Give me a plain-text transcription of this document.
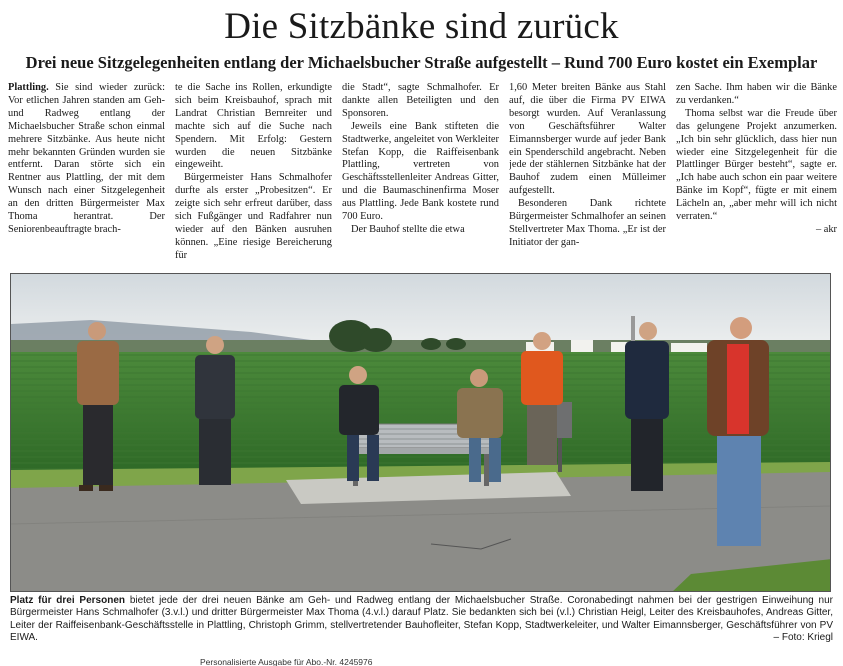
Die Sitzbänke sind zurück
Drei neue Sitzgelegenheiten entlang der Michaelsbucher Straße aufgestellt – Rund 700 Euro kostet ein Exemplar

Plattling. Sie sind wieder zurück: Vor etlichen Jahren standen am Geh- und Radweg entlang der Michaelsbucher Straße schon einmal mehrere Sitzbänke. Aus heute nicht mehr bekannten Gründen wurden sie entfernt. Daran störte sich ein Rentner aus Plattling, der mit dem Wunsch nach einer Sitzgelegenheit an den dritten Bürgermeister Max Thoma herantrat. Der Seniorenbeauftragte brach-

te die Sache ins Rollen, erkundigte sich beim Kreisbauhof, sprach mit Landrat Christian Bernreiter und machte sich auf die Suche nach Spendern. Mit Erfolg: Gestern wurden die neuen Sitzbänke eingeweiht.

Bürgermeister Hans Schmalhofer durfte als erster „Probesitzen“. Er zeigte sich sehr erfreut darüber, dass sich Fußgänger und Radfahrer nun wieder auf den Bänken ausruhen können. „Eine riesige Bereicherung für

die Stadt“, sagte Schmalhofer. Er dankte allen Beteiligten und den Sponsoren.

Jeweils eine Bank stifteten die Stadtwerke, angeleitet von Werkleiter Stefan Kopp, die Raiffeisenbank Plattling, vertreten von Geschäftsstellenleiter Andreas Gitter, und die Baumaschinenfirma Moser aus Plattling. Jede Bank kostete rund 700 Euro.

Der Bauhof stellte die etwa

1,60 Meter breiten Bänke aus Stahl auf, die über die Firma PV EIWA besorgt wurden. Auf Veranlassung von Geschäftsführer Walter Eimannsberger wurde auf jeder Bank ein Spenderschild angebracht. Neben jede der stählernen Sitzbänke hat der Bauhof zudem einen Mülleimer aufgestellt.

Besonderen Dank richtete Bürgermeister Schmalhofer an seinen Stellvertreter Max Thoma. „Er ist der Initiator der gan-

zen Sache. Ihm haben wir die Bänke zu verdanken.“

Thoma selbst war die Freude über das gelungene Projekt anzumerken. „Ich bin sehr glücklich, dass hier nun wieder eine Sitzgelegenheit für die Plattlinger Bürger besteht“, sagte er. „Ich habe auch schon ein paar weitere Bänke im Kopf“, fügte er mit einem Lächeln an, „aber mehr will ich nicht verraten.“

– akr

Platz für drei Personen bietet jede der drei neuen Bänke am Geh- und Radweg entlang der Michaelsbucher Straße. Coronabedingt nahmen bei der gestrigen Einweihung nur Bürgermeister Hans Schmalhofer (3.v.l.) und dritter Bürgermeister Max Thoma (4.v.l.) darauf Platz. Sie bedankten sich bei (v.l.) Christian Heigl, Leiter des Kreisbauhofes, Andreas Gitter, Leiter der Raiffeisenbank-Geschäftsstelle in Plattling, Christoph Grimm, stellvertretender Bauhofleiter, Stefan Kopp, Stadtwerkeleiter, und Walter Eimannsberger, Geschäftsführer von PV EIWA.	– Foto: Kriegl
Personalisierte Ausgabe für Abo.-Nr. 4245976
